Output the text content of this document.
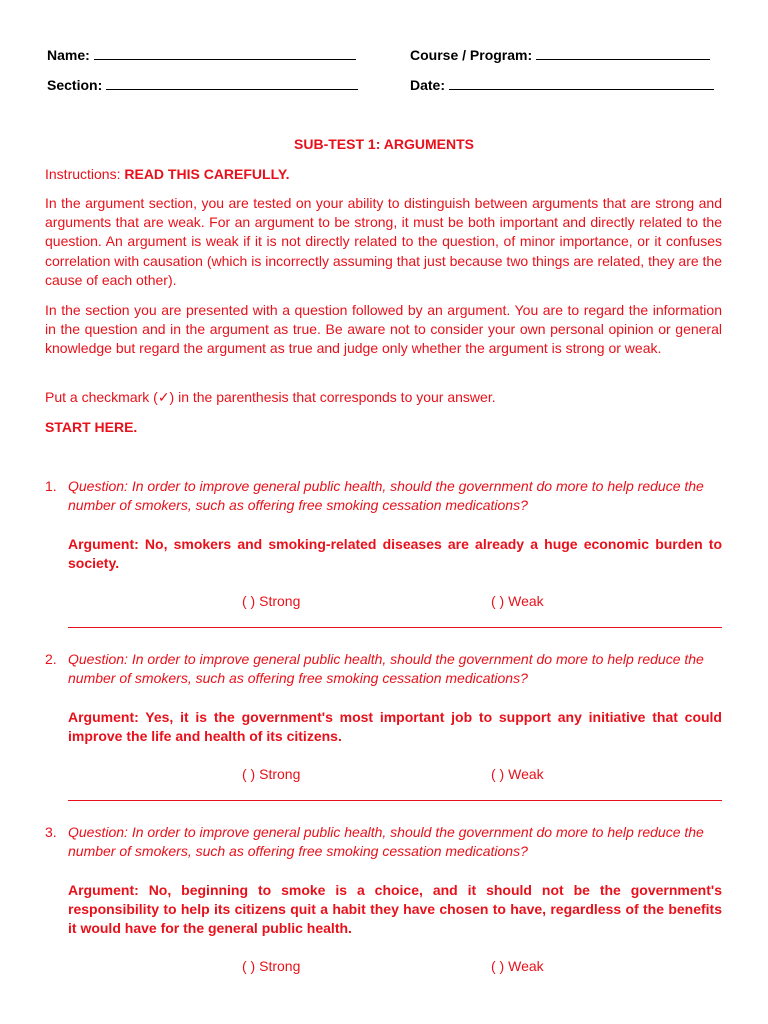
Name:	Course / Program:
Section:	Date:
SUB-TEST 1: ARGUMENTS
Instructions: READ THIS CAREFULLY.
In the argument section, you are tested on your ability to distinguish between arguments that are strong and arguments that are weak. For an argument to be strong, it must be both important and directly related to the question. An argument is weak if it is not directly related to the question, of minor importance, or it confuses correlation with causation (which is incorrectly assuming that just because two things are related, they are the cause of each other).
In the section you are presented with a question followed by an argument. You are to regard the information in the question and in the argument as true. Be aware not to consider your own personal opinion or general knowledge but regard the argument as true and judge only whether the argument is strong or weak.
Put a checkmark (✓) in the parenthesis that corresponds to your answer.
START HERE.
1. Question: In order to improve general public health, should the government do more to help reduce the number of smokers, such as offering free smoking cessation medications?
Argument: No, smokers and smoking-related diseases are already a huge economic burden to society.
( ) Strong	( ) Weak
2. Question: In order to improve general public health, should the government do more to help reduce the number of smokers, such as offering free smoking cessation medications?
Argument: Yes, it is the government's most important job to support any initiative that could improve the life and health of its citizens.
( ) Strong	( ) Weak
3. Question: In order to improve general public health, should the government do more to help reduce the number of smokers, such as offering free smoking cessation medications?
Argument: No, beginning to smoke is a choice, and it should not be the government's responsibility to help its citizens quit a habit they have chosen to have, regardless of the benefits it would have for the general public health.
( ) Strong	( ) Weak
